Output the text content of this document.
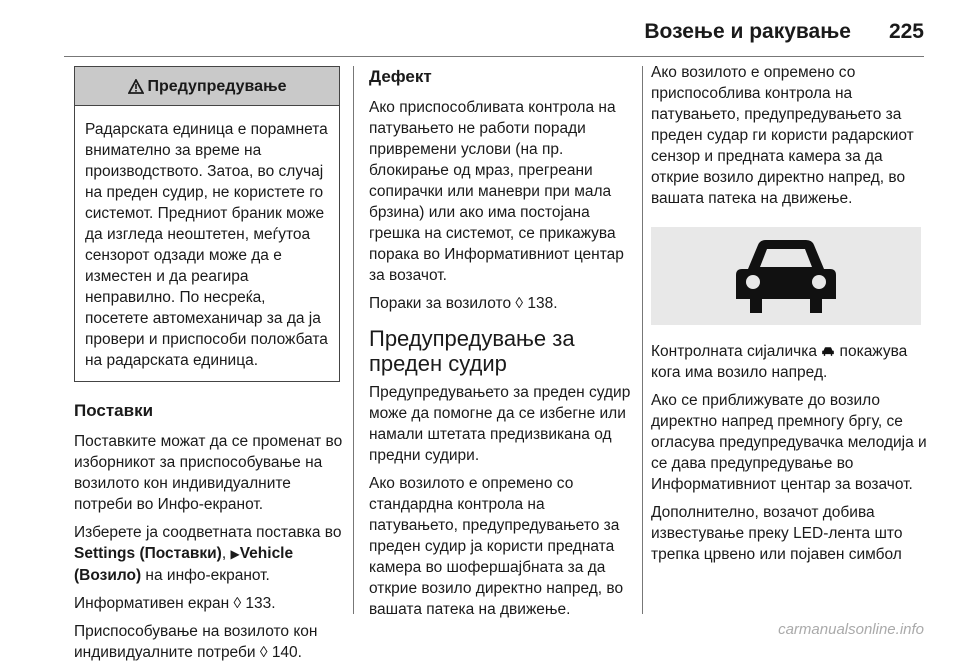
Возење и ракување 225
Предупредување
Радарската единица е порамнета внимателно за време на производството. Затоа, во случај на преден судир, не користете го системот. Предниот браник може да изгледа неоштетен, меѓутоа сензорот одзади може да е изместен и да реагира неправилно. По несреќа, посетете автомеханичар за да ја провери и приспособи положбата на радарската единица.
Поставки

Поставките можат да се променат во изборникот за приспособување на возилото кон индивидуалните потреби во Инфо-екранот.

Изберете ја соодветната поставка во Settings (Поставки), ▶Vehicle (Возило) на инфо-екранот.

Информативен екран ◊ 133.

Приспособување на возилото кон индивидуалните потреби ◊ 140.

Дефект

Ако приспособливата контрола на патувањето не работи поради привремени услови (на пр. блокирање од мраз, прегреани сопирачки или маневри при мала брзина) или ако има постојана грешка на системот, се прикажува порака во Информативниот центар за возачот.

Пораки за возилото ◊ 138.

Предупредување за преден судир

Предупредувањето за преден судир може да помогне да се избегне или намали штетата предизвикана од предни судири.

Ако возилото е опремено со стандардна контрола на патувањето, предупредувањето за преден судир ја користи предната камера во шофершајбната за да открие возило директно напред, во вашата патека на движење.

Ако возилото е опремено со приспособлива контрола на патувањето, предупредувањето за преден судар ги користи радарскиот сензор и предната камера за да открие возило директно напред, во вашата патека на движење.

Контролната сијаличка  покажува кога има возило напред.

Ако се приближувате до возило директно напред премногу бргу, се огласува предупредувачка мелодија и се дава предупредување во Информативниот центар за возачот.

Дополнително, возачот добива известување преку LED-лента што трепка црвено или појавен симбол

carmanualsonline.info
